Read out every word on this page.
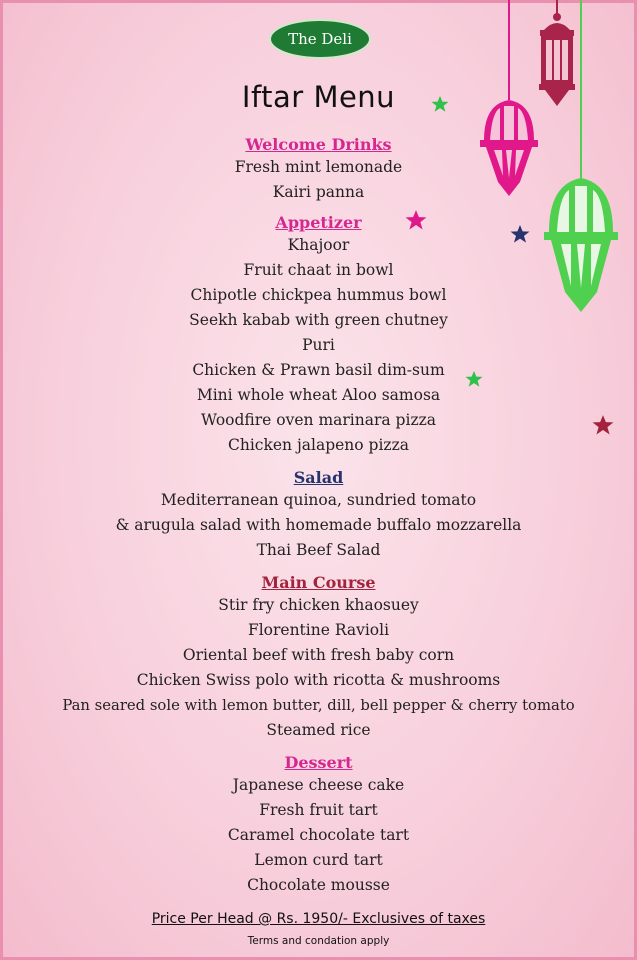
The Deli
Iftar Menu
Welcome Drinks
Fresh mint lemonade
Kairi panna
Appetizer
Khajoor
Fruit chaat in bowl
Chipotle chickpea hummus bowl
Seekh kabab with green chutney
Puri
Chicken & Prawn basil dim-sum
Mini whole wheat Aloo samosa
Woodfire oven marinara pizza
Chicken jalapeno pizza
Salad
Mediterranean quinoa, sundried tomato
& arugula salad with homemade buffalo mozzarella
Thai Beef Salad
Main Course
Stir fry chicken khaosuey
Florentine Ravioli
Oriental beef with fresh baby corn
Chicken Swiss polo with ricotta & mushrooms
Pan seared sole with lemon butter, dill, bell pepper & cherry tomato
Steamed rice
Dessert
Japanese cheese cake
Fresh fruit tart
Caramel chocolate tart
Lemon curd tart
Chocolate mousse
Price Per Head @ Rs. 1950/- Exclusives of taxes
Terms and condation apply
